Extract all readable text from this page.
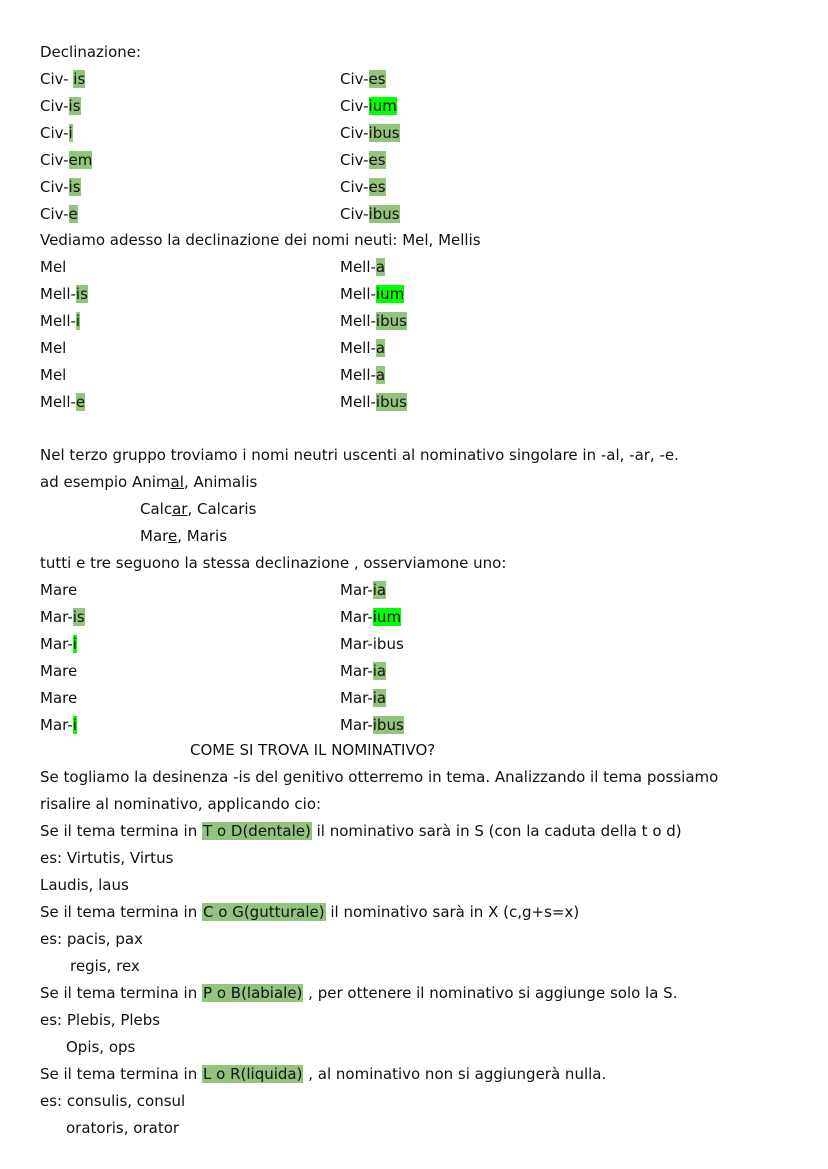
Declinazione:
Civ- is
Civ-is
Civ-i
Civ-em
Civ-is
Civ-e
Civ-es
Civ-ium
Civ-ibus
Civ-es
Civ-es
Civ-ibus
Vediamo adesso la declinazione dei nomi neuti: Mel, Mellis
Mel
Mell-is
Mell-i
Mel
Mel
Mell-e
Mell-a
Mell-ium
Mell-ibus
Mell-a
Mell-a
Mell-ibus
Nel terzo gruppo troviamo i nomi neutri uscenti al nominativo singolare in -al, -ar, -e.
ad esempio Animal, Animalis
Calcar, Calcaris
Mare, Maris
tutti e tre seguono la stessa declinazione , osserviamone uno:
Mare
Mar-is
Mar-i
Mare
Mare
Mar-i
Mar-ia
Mar-ium
Mar-ibus
Mar-ia
Mar-ia
Mar-ibus
COME SI TROVA IL NOMINATIVO?
Se togliamo la desinenza -is del genitivo otterremo in tema. Analizzando il tema possiamo
risalire al nominativo, applicando cio:
Se il tema termina in T o D(dentale) il nominativo sarà in S (con la caduta della t o d)
es: Virtutis, Virtus
Laudis, laus
Se il tema termina in C o G(gutturale) il nominativo sarà in X (c,g+s=x)
es: pacis, pax
regis, rex
Se il tema termina in P o B(labiale) , per ottenere il nominativo si aggiunge solo la S.
es: Plebis, Plebs
Opis, ops
Se il tema termina in L o R(liquida) , al nominativo non si aggiungerà nulla.
es: consulis, consul
oratoris, orator
